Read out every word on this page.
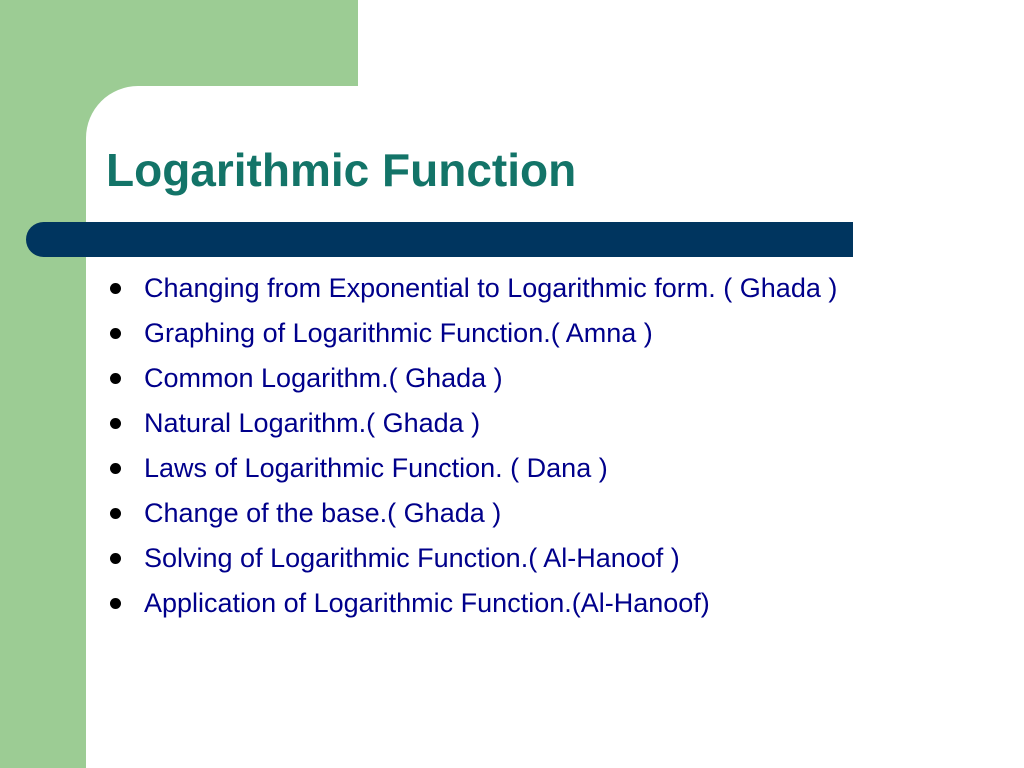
Logarithmic Function
Changing from Exponential to Logarithmic form. ( Ghada )
Graphing of Logarithmic Function.( Amna )
Common Logarithm.( Ghada )
Natural Logarithm.( Ghada )
Laws of Logarithmic Function. ( Dana )
Change of the base.( Ghada )
Solving of Logarithmic Function.( Al-Hanoof )
Application of Logarithmic Function.(Al-Hanoof)
